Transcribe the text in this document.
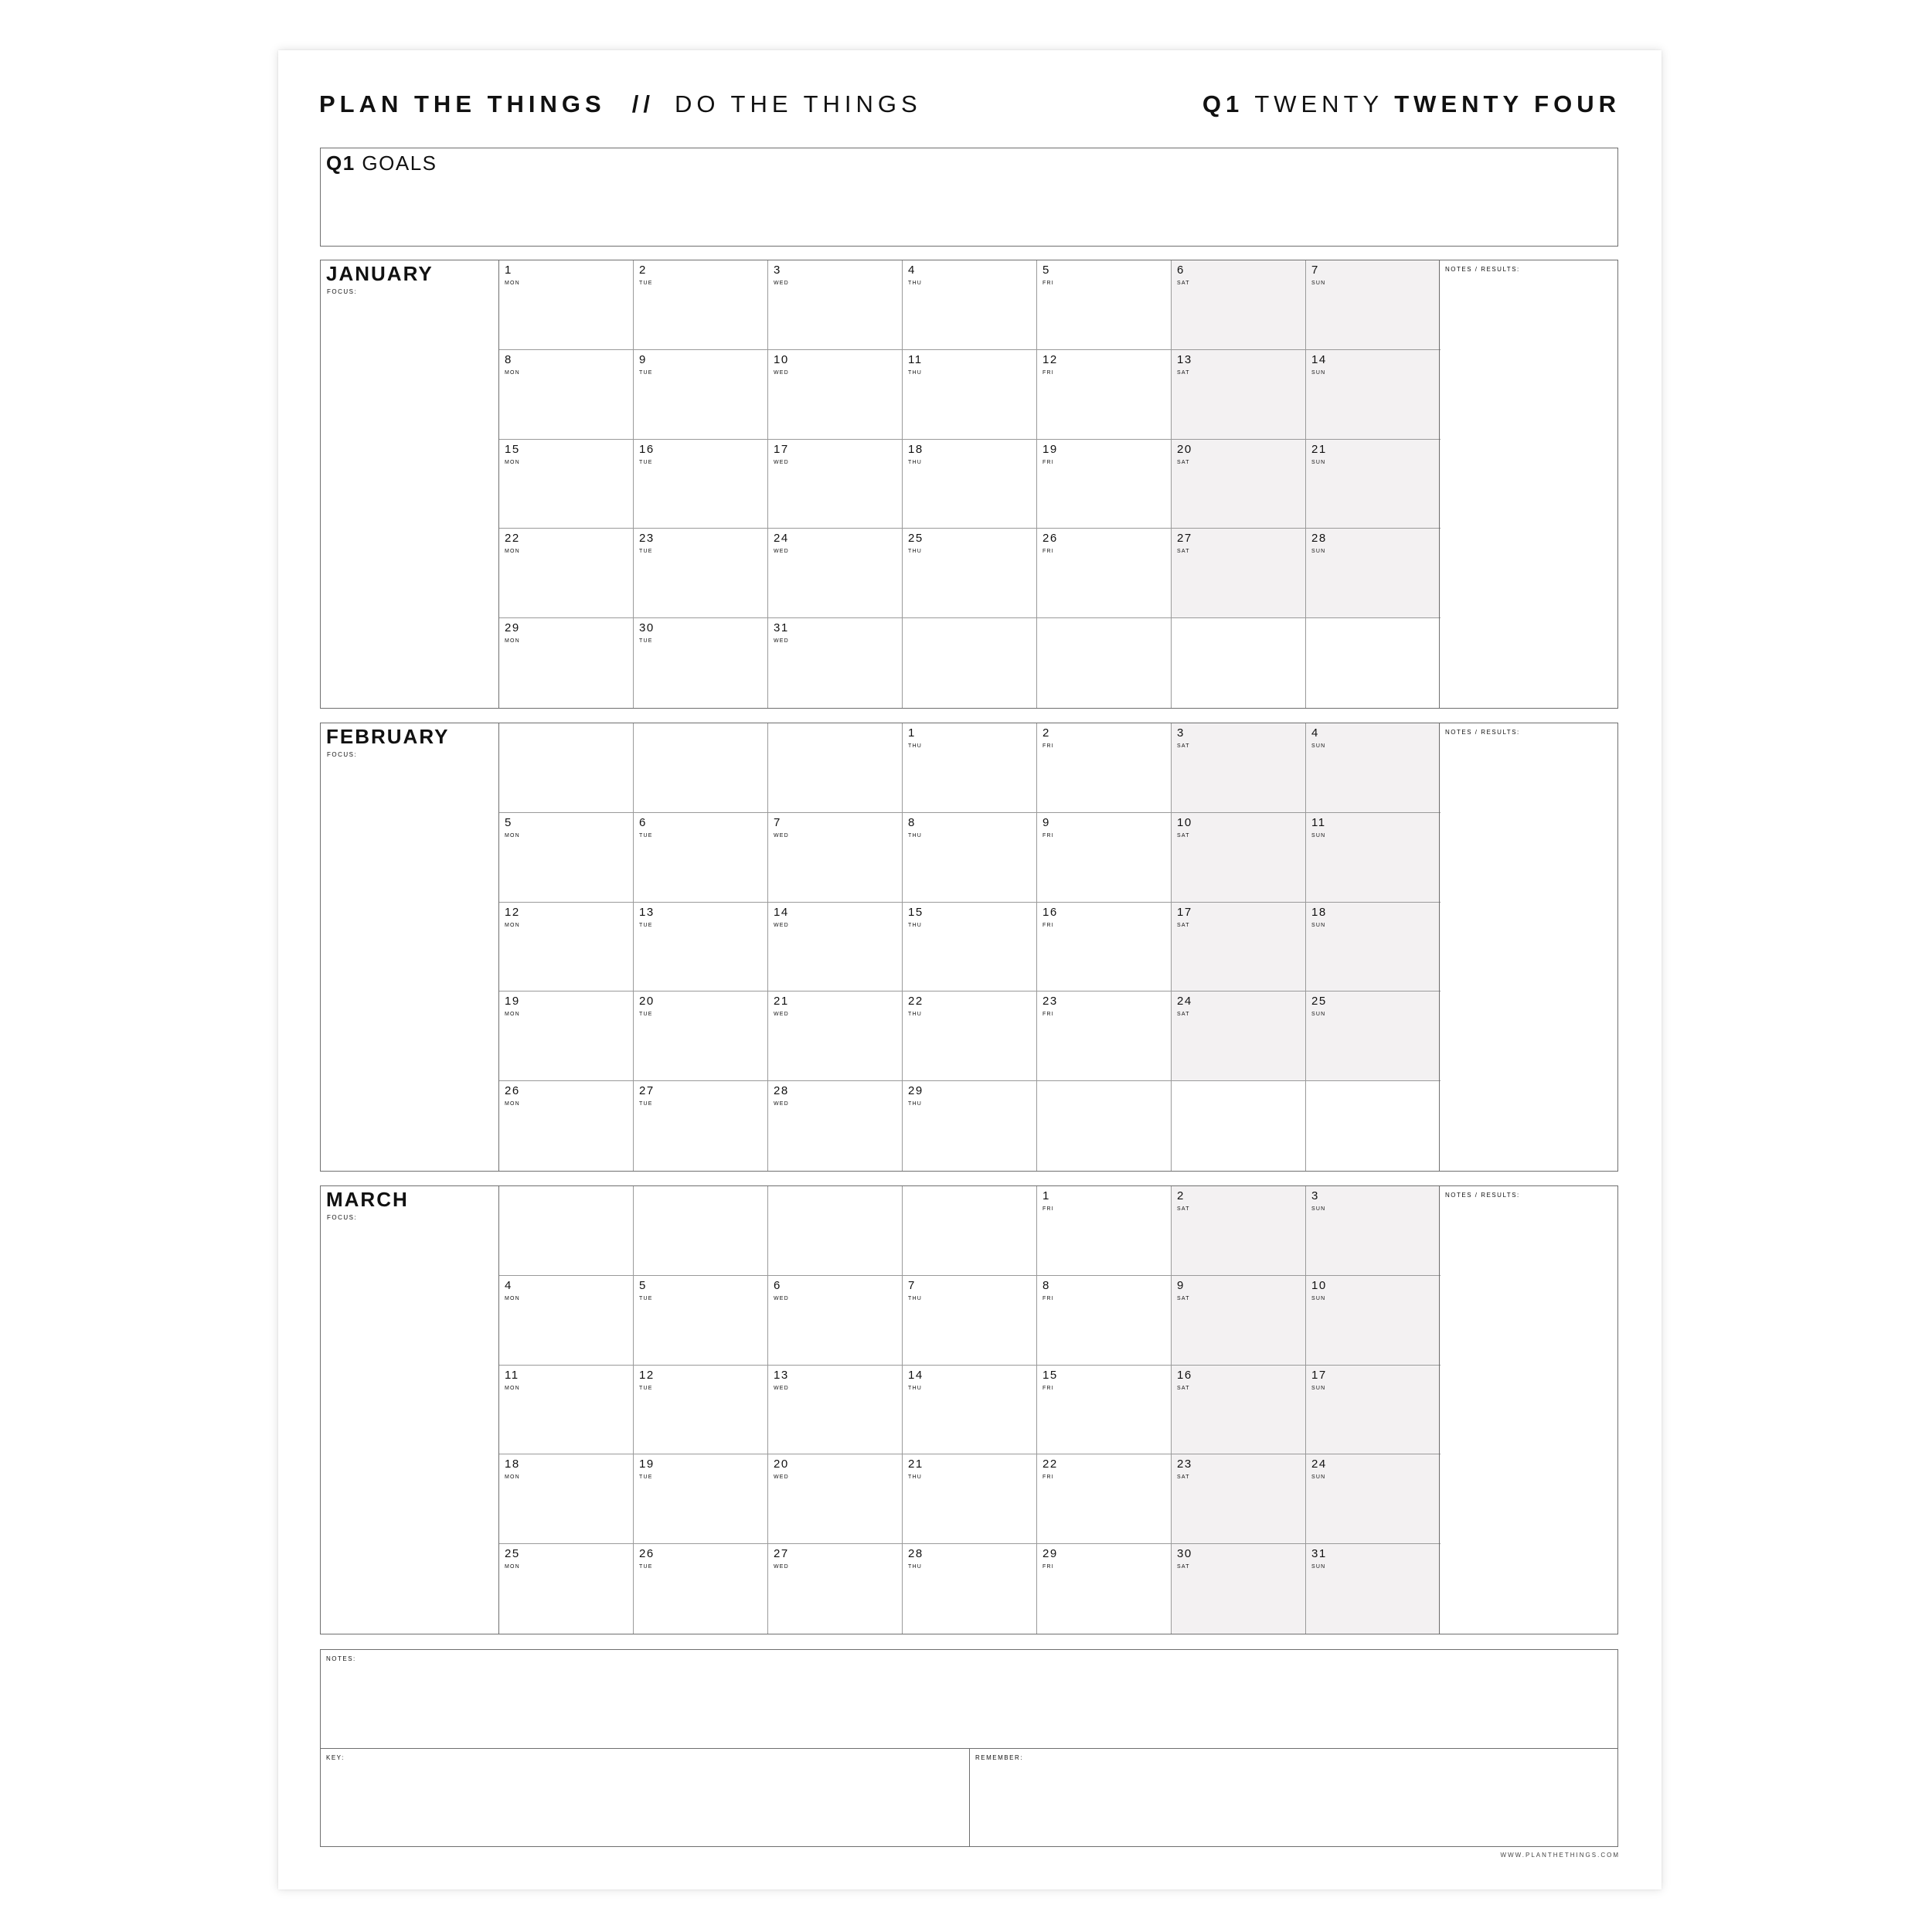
PLAN THE THINGS // DO THE THINGS	Q1 TWENTY TWENTY FOUR
Q1 GOALS
JANUARY
FOCUS:
1
MON
2
TUE
3
WED
4
THU
5
FRI
6
SAT
7
SUN
8
MON
9
TUE
10
WED
11
THU
12
FRI
13
SAT
14
SUN
15
MON
16
TUE
17
WED
18
THU
19
FRI
20
SAT
21
SUN
22
MON
23
TUE
24
WED
25
THU
26
FRI
27
SAT
28
SUN
29
MON
30
TUE
31
WED
NOTES / RESULTS:
FEBRUARY
FOCUS:
1
THU
2
FRI
3
SAT
4
SUN
5
MON
6
TUE
7
WED
8
THU
9
FRI
10
SAT
11
SUN
12
MON
13
TUE
14
WED
15
THU
16
FRI
17
SAT
18
SUN
19
MON
20
TUE
21
WED
22
THU
23
FRI
24
SAT
25
SUN
26
MON
27
TUE
28
WED
29
THU
NOTES / RESULTS:
MARCH
FOCUS:
1
FRI
2
SAT
3
SUN
4
MON
5
TUE
6
WED
7
THU
8
FRI
9
SAT
10
SUN
11
MON
12
TUE
13
WED
14
THU
15
FRI
16
SAT
17
SUN
18
MON
19
TUE
20
WED
21
THU
22
FRI
23
SAT
24
SUN
25
MON
26
TUE
27
WED
28
THU
29
FRI
30
SAT
31
SUN
NOTES / RESULTS:
NOTES:
KEY:	REMEMBER:
WWW.PLANTHETHINGS.COM
